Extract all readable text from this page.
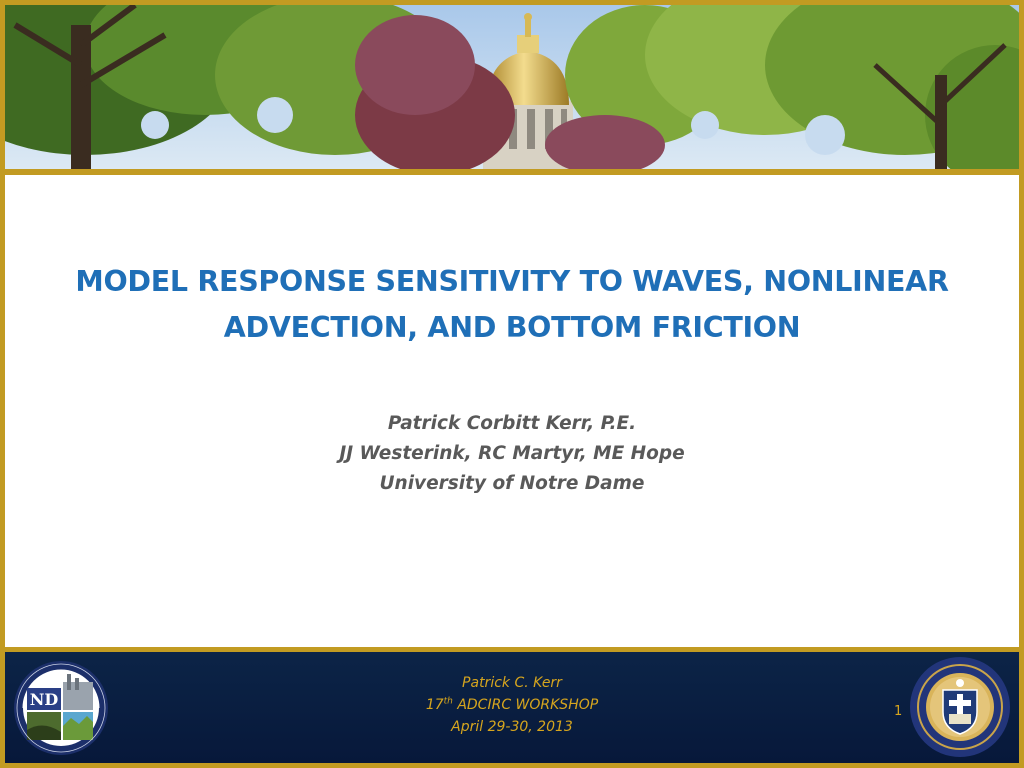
MODEL RESPONSE SENSITIVITY TO WAVES, NONLINEAR
ADVECTION, AND BOTTOM FRICTION
Patrick Corbitt Kerr, P.E.
JJ Westerink, RC Martyr, ME Hope
University of Notre Dame
ND
Patrick C. Kerr
17th ADCIRC WORKSHOP
April 29-30, 2013
1
